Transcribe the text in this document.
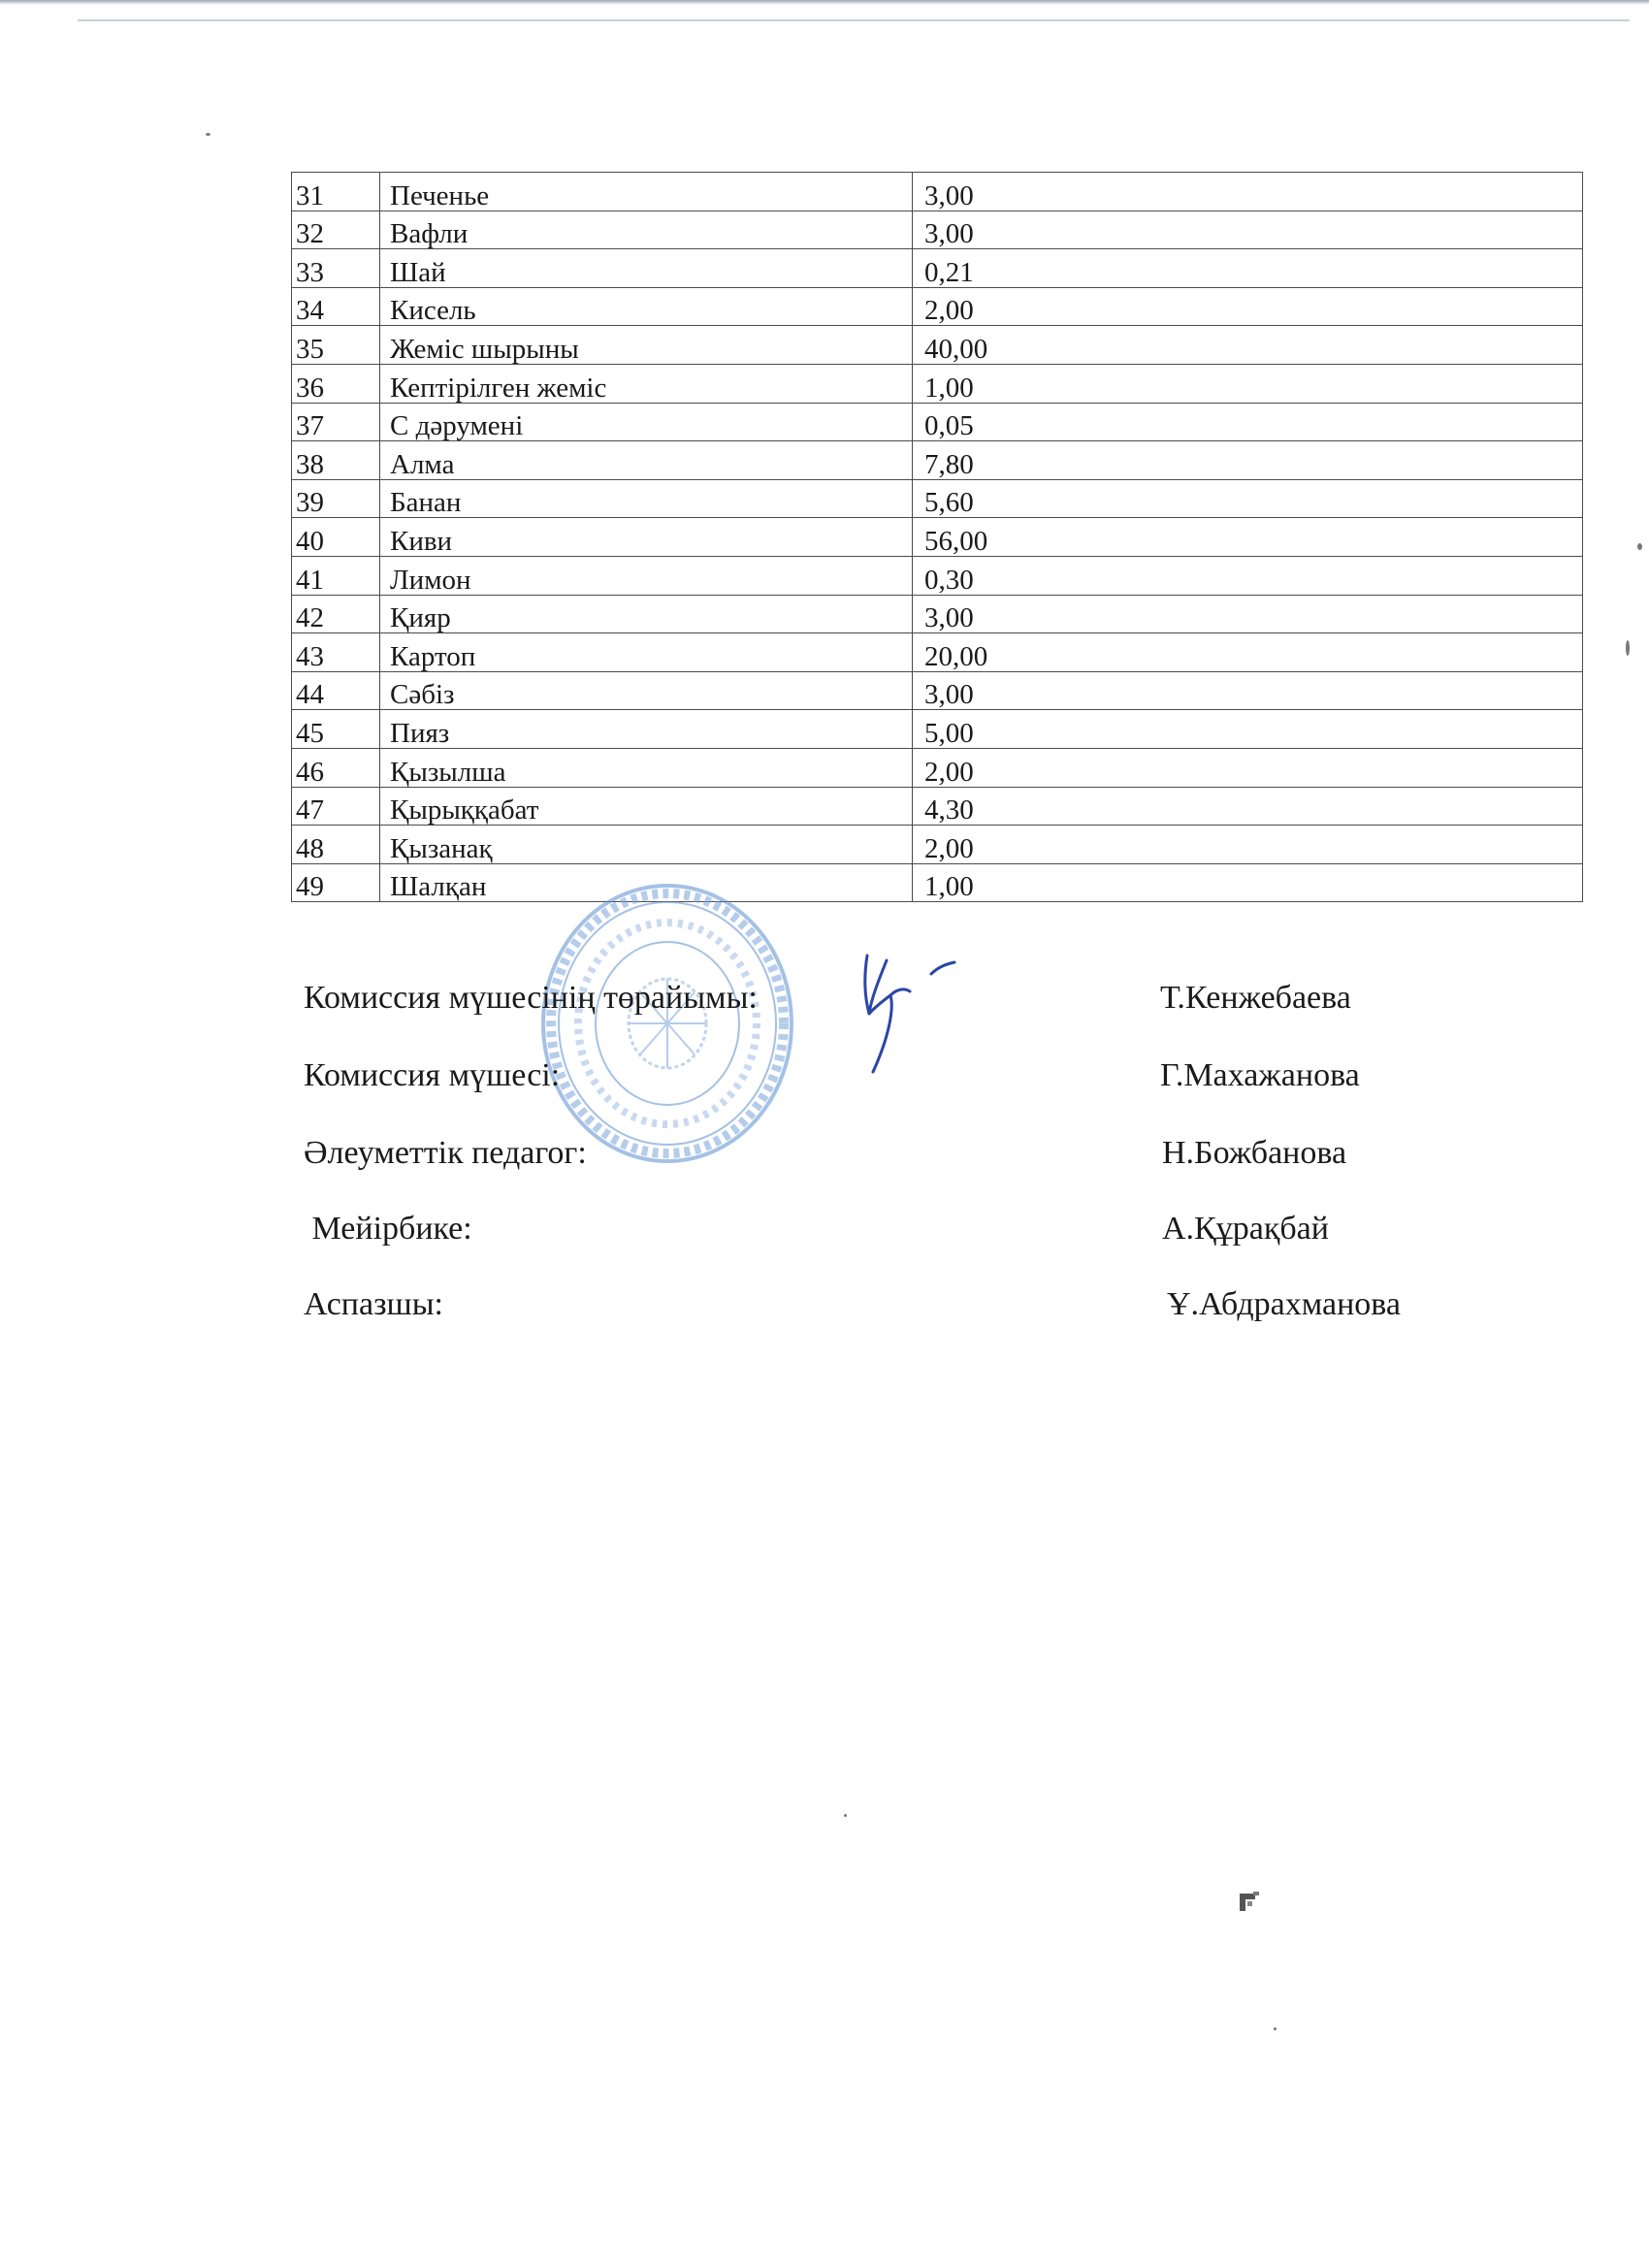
31	Печенье	3,00
32	Вафли	3,00
33	Шай	0,21
34	Кисель	2,00
35	Жеміс шырыны	40,00
36	Кептірілген жеміс	1,00
37	С дәрумені	0,05
38	Алма	7,80
39	Банан	5,60
40	Киви	56,00
41	Лимон	0,30
42	Қияр	3,00
43	Картоп	20,00
44	Сәбіз	3,00
45	Пияз	5,00
46	Қызылша	2,00
47	Қырыққабат	4,30
48	Қызанақ	2,00
49	Шалқан	1,00
Комиссия мүшесінің төрайымы:	Т.Кенжебаева
Комиссия мүшесі:	Г.Махажанова
Әлеуметтік педагог:	Н.Божбанова
Мейірбике:	А.Құрақбай
Аспазшы:	Ұ.Абдрахманова
